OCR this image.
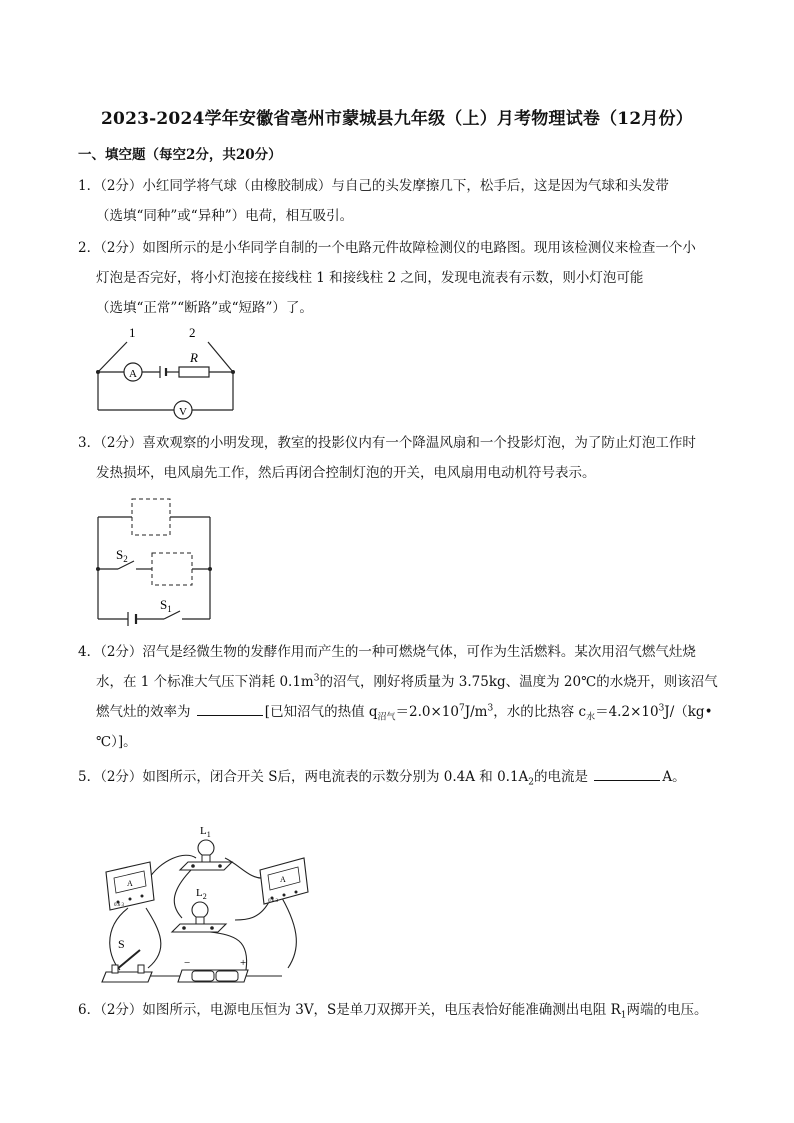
2023-2024学年安徽省亳州市蒙城县九年级（上）月考物理试卷（12月份）
一、填空题（每空2分，共20分）
1．（2分）小红同学将气球（由橡胶制成）与自己的头发摩擦几下，松手后，这是因为气球和头发带
（选填“同种”或“异种”）电荷，相互吸引。
2．（2分）如图所示的是小华同学自制的一个电路元件故障检测仪的电路图。现用该检测仪来检查一个小
灯泡是否完好，将小灯泡接在接线柱 1 和接线柱 2 之间，发现电流表有示数，则小灯泡可能
（选填“正常”“断路”或“短路”）了。
1	2
R
A
V
3．（2分）喜欢观察的小明发现，教室的投影仪内有一个降温风扇和一个投影灯泡，为了防止灯泡工作时
发热损坏，电风扇先工作，然后再闭合控制灯泡的开关，电风扇用电动机符号表示。
$S_2$
$S_1$
4．（2分）沼气是经微生物的发酵作用而产生的一种可燃烧气体，可作为生活燃料。某次用沼气燃气灶烧
水，在 1 个标准大气压下消耗 $0.1m^3$的沼气，刚好将质量为 3.75kg、温度为 20℃的水烧开，则该沼气
燃气灶的效率为	[已知沼气的热值 $q_{沼气}=2.0\times 10^7J/m^3$，水的比热容 $c_水=4.2\times 10^3J/(kg•$
℃）]。
5．（2分）如图所示，闭合开关 S后，两电流表的示数分别为 0.4A 和 $0.1A_2$的电流是	A。
A
0.6 3
$L_1$
A
0.6 3
$L_2$
S
−	+
6．（2分）如图所示，电源电压恒为 3V，S是单刀双掷开关，电压表恰好能准确测出电阻 $R_1$两端的电压。
